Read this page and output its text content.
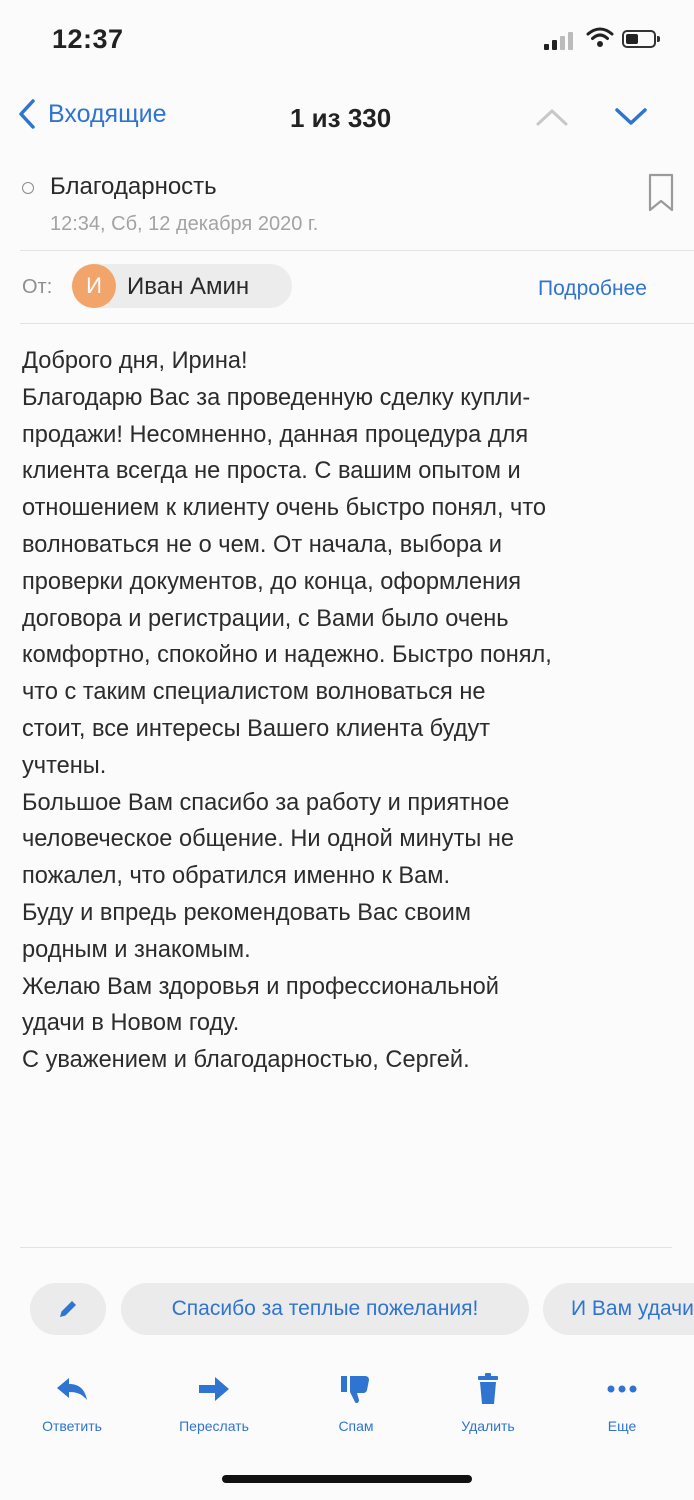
12:37
Входящие	1 из 330
Благодарность
12:34, Сб, 12 декабря 2020 г.
От:	И	Иван Амин	Подробнее
Доброго дня, Ирина!
Благодарю Вас за проведенную сделку купли-
продажи! Несомненно, данная процедура для
клиента всегда не проста. С вашим опытом и
отношением к клиенту очень быстро понял, что
волноваться не о чем. От начала, выбора и
проверки документов, до конца, оформления
договора и регистрации, с Вами было очень
комфортно, спокойно и надежно. Быстро понял,
что с таким специалистом волноваться не
стоит, все интересы Вашего клиента будут
учтены.
Большое Вам спасибо за работу и приятное
человеческое общение. Ни одной минуты не
пожалел, что обратился именно к Вам.
Буду и впредь рекомендовать Вас своим
родным и знакомым.
Желаю Вам здоровья и профессиональной
удачи в Новом году.
С уважением и благодарностью, Сергей.
Спасибо за теплые пожелания!	И Вам удачи
Ответить	Переслать	Спам	Удалить	Еще
